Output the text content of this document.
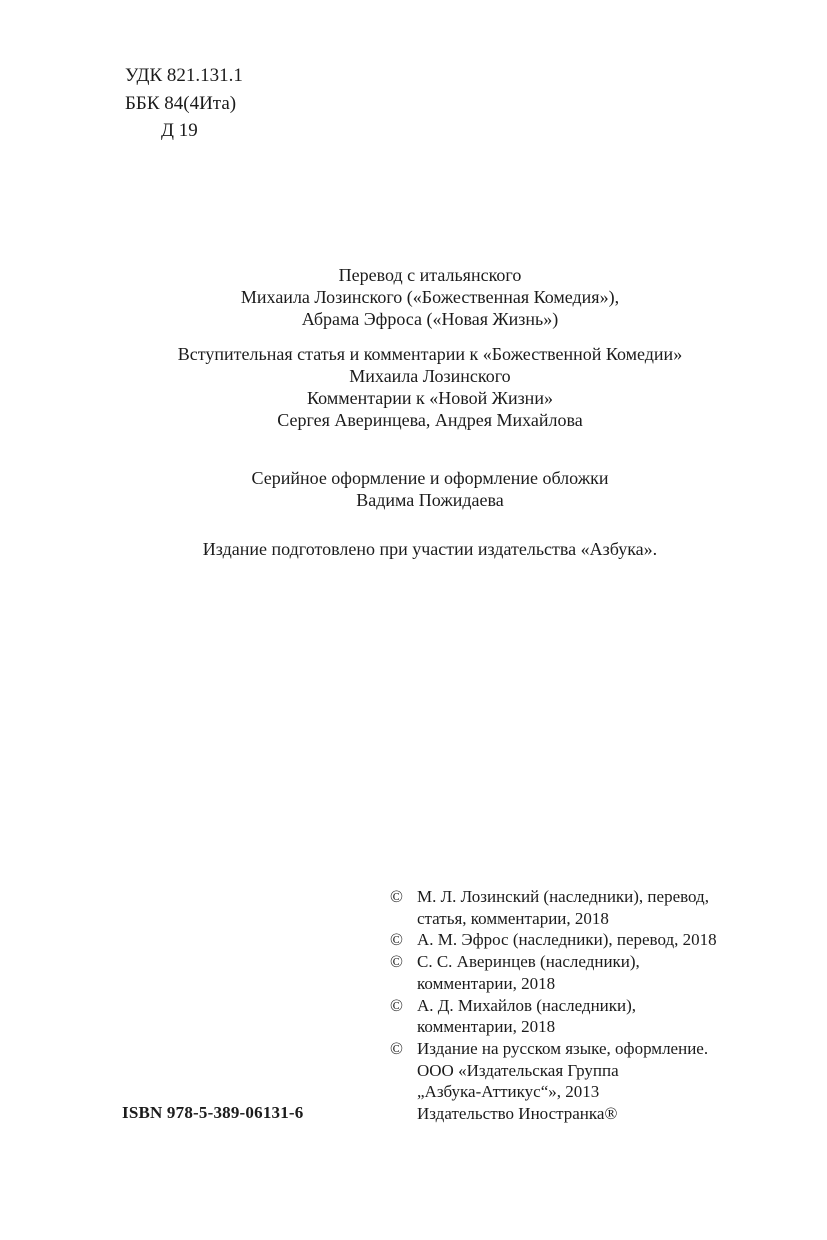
УДК 821.131.1
ББК 84(4Ита)
Д 19
Перевод с итальянского
Михаила Лозинского («Божественная Комедия»),
Абрама Эфроса («Новая Жизнь»)
Вступительная статья и комментарии к «Божественной Комедии»
Михаила Лозинского
Комментарии к «Новой Жизни»
Сергея Аверинцева, Андрея Михайлова
Серийное оформление и оформление обложки
Вадима Пожидаева
Издание подготовлено при участии издательства «Азбука».
© М. Л. Лозинский (наследники), перевод,
статья, комментарии, 2018
© А. М. Эфрос (наследники), перевод, 2018
© С. С. Аверинцев (наследники),
комментарии, 2018
© А. Д. Михайлов (наследники),
комментарии, 2018
© Издание на русском языке, оформление.
ООО «Издательская Группа
„Азбука-Аттикус“», 2013
Издательство Иностранка®
ISBN 978-5-389-06131-6
